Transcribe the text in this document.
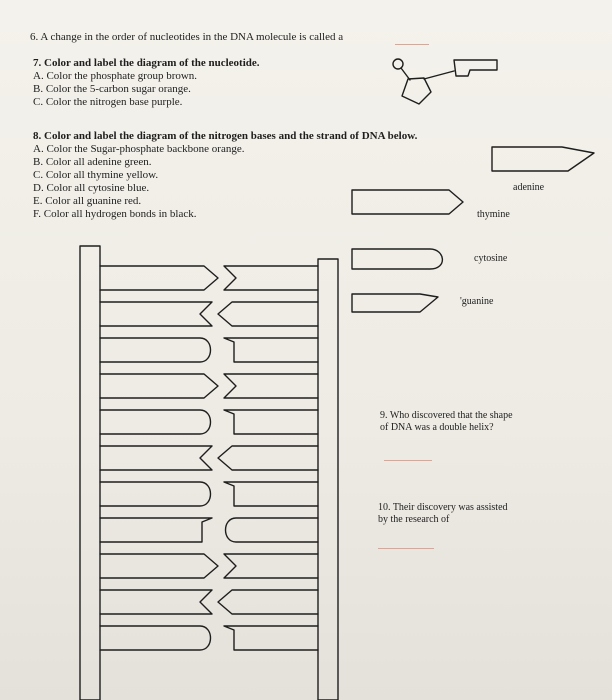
6. A change in the order of nucleotides in the DNA molecule is called a
7. Color and label the diagram of the nucleotide.
A. Color the phosphate group brown.
B. Color the 5-carbon sugar orange.
C. Color the nitrogen base purple.
8. Color and label the diagram of the nitrogen bases and the strand of DNA below.
A. Color the Sugar-phosphate backbone orange.
B. Color all adenine green.
C. Color all thymine yellow.
D. Color all cytosine blue.
E. Color all guanine red.
F. Color all hydrogen bonds in black.
adenine
thymine
cytosine
'guanine
9. Who discovered that the shape
of DNA was a double helix?
10. Their discovery was assisted
by the research of
